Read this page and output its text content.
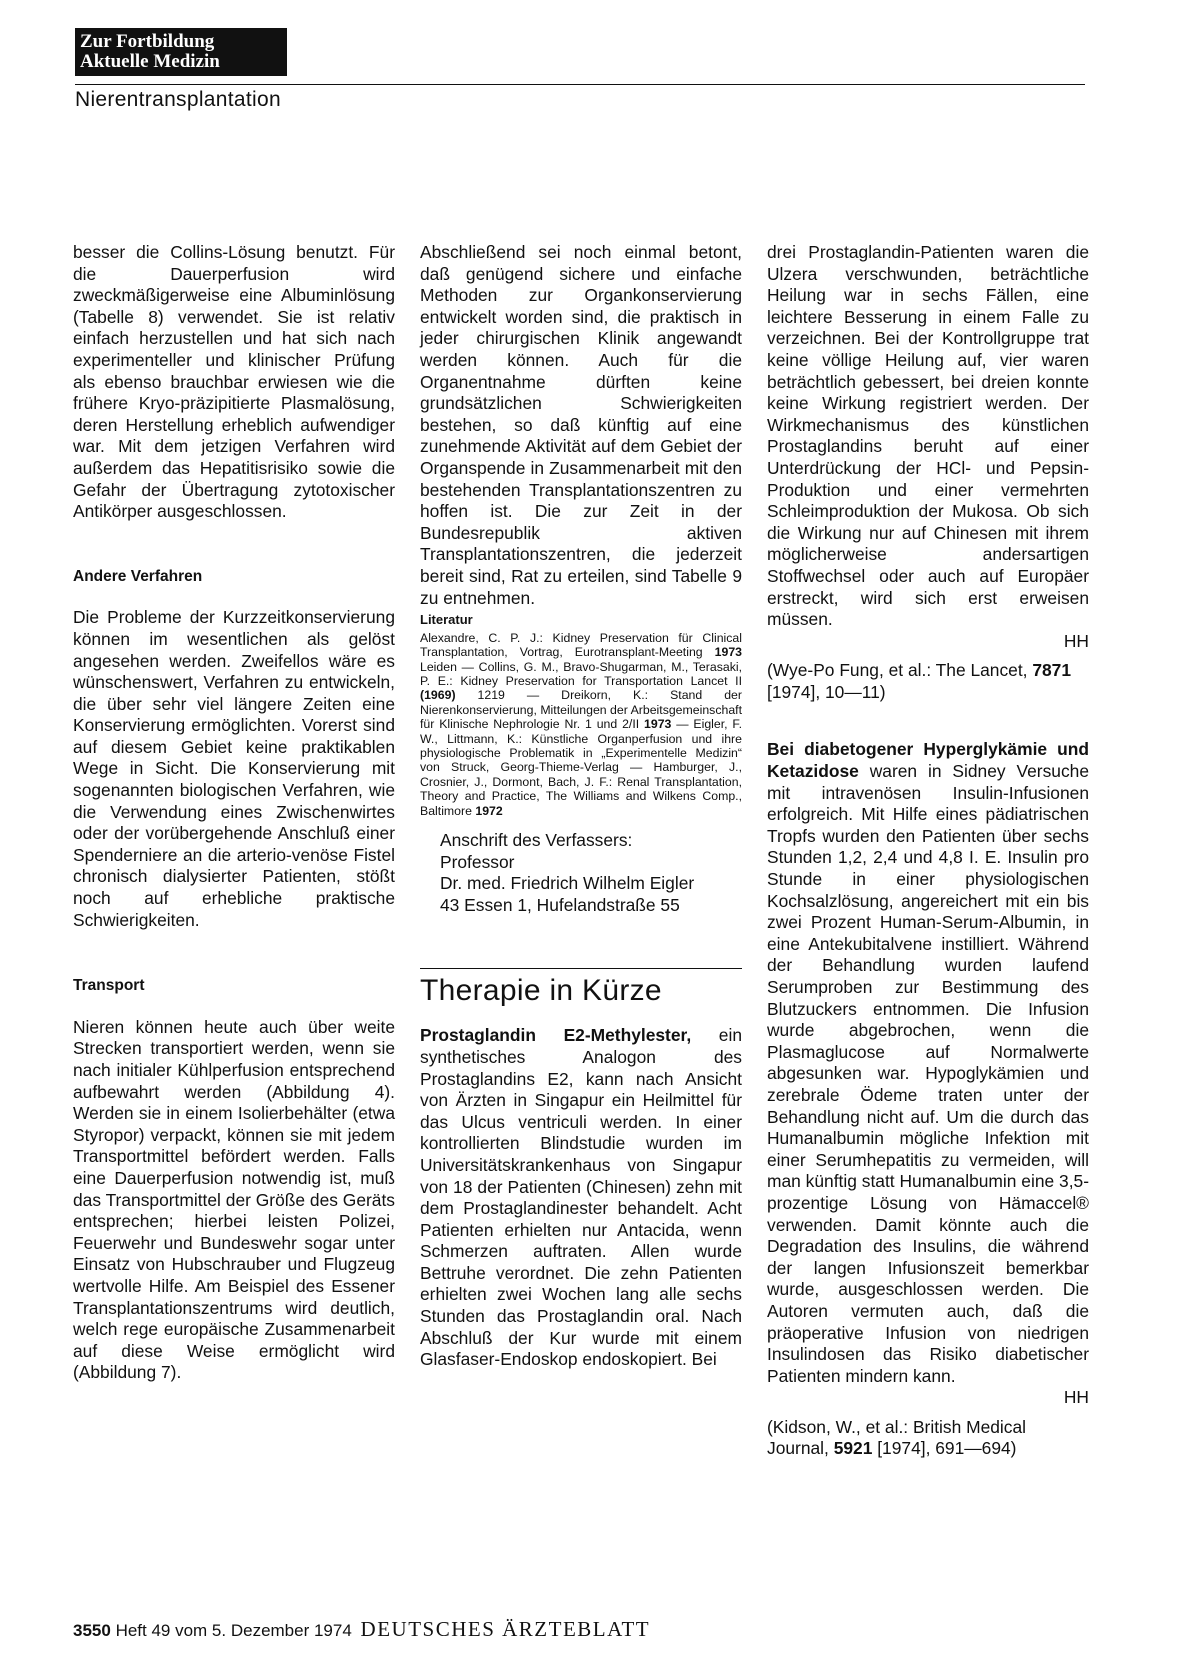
Zur Fortbildung
Aktuelle Medizin
Nierentransplantation

besser die Collins-Lösung benutzt. Für die Dauerperfusion wird zweckmäßigerweise eine Albuminlösung (Tabelle 8) verwendet. Sie ist relativ einfach herzustellen und hat sich nach experimenteller und klinischer Prüfung als ebenso brauchbar erwiesen wie die frühere Kryo-präzipitierte Plasmalösung, deren Herstellung erheblich aufwendiger war. Mit dem jetzigen Verfahren wird außerdem das Hepatitisrisiko sowie die Gefahr der Übertragung zytotoxischer Antikörper ausgeschlossen.

Andere Verfahren

Die Probleme der Kurzzeitkonservierung können im wesentlichen als gelöst angesehen werden. Zweifellos wäre es wünschenswert, Verfahren zu entwickeln, die über sehr viel längere Zeiten eine Konservierung ermöglichten. Vorerst sind auf diesem Gebiet keine praktikablen Wege in Sicht. Die Konservierung mit sogenannten biologischen Verfahren, wie die Verwendung eines Zwischenwirtes oder der vorübergehende Anschluß einer Spenderniere an die arterio-venöse Fistel chronisch dialysierter Patienten, stößt noch auf erhebliche praktische Schwierigkeiten.

Transport

Nieren können heute auch über weite Strecken transportiert werden, wenn sie nach initialer Kühlperfusion entsprechend aufbewahrt werden (Abbildung 4). Werden sie in einem Isolierbehälter (etwa Styropor) verpackt, können sie mit jedem Transportmittel befördert werden. Falls eine Dauerperfusion notwendig ist, muß das Transportmittel der Größe des Geräts entsprechen; hierbei leisten Polizei, Feuerwehr und Bundeswehr sogar unter Einsatz von Hubschrauber und Flugzeug wertvolle Hilfe. Am Beispiel des Essener Transplantationszentrums wird deutlich, welch rege europäische Zusammenarbeit auf diese Weise ermöglicht wird (Abbildung 7).

Abschließend sei noch einmal betont, daß genügend sichere und einfache Methoden zur Organkonservierung entwickelt worden sind, die praktisch in jeder chirurgischen Klinik angewandt werden können. Auch für die Organentnahme dürften keine grundsätzlichen Schwierigkeiten bestehen, so daß künftig auf eine zunehmende Aktivität auf dem Gebiet der Organspende in Zusammenarbeit mit den bestehenden Transplantationszentren zu hoffen ist. Die zur Zeit in der Bundesrepublik aktiven Transplantationszentren, die jederzeit bereit sind, Rat zu erteilen, sind Tabelle 9 zu entnehmen.

Literatur

Alexandre, C. P. J.: Kidney Preservation für Clinical Transplantation, Vortrag, Eurotransplant-Meeting 1973 Leiden — Collins, G. M., Bravo-Shugarman, M., Terasaki, P. E.: Kidney Preservation for Transportation Lancet II (1969) 1219 — Dreikorn, K.: Stand der Nierenkonservierung, Mitteilungen der Arbeitsgemeinschaft für Klinische Nephrologie Nr. 1 und 2/II 1973 — Eigler, F. W., Littmann, K.: Künstliche Organperfusion und ihre physiologische Problematik in „Experimentelle Medizin“ von Struck, Georg-Thieme-Verlag — Hamburger, J., Crosnier, J., Dormont, Bach, J. F.: Renal Transplantation, Theory and Practice, The Williams and Wilkens Comp., Baltimore 1972

Anschrift des Verfassers:
Professor
Dr. med. Friedrich Wilhelm Eigler
43 Essen 1, Hufelandstraße 55
Therapie in Kürze

Prostaglandin E2-Methylester, ein synthetisches Analogon des Prostaglandins E2, kann nach Ansicht von Ärzten in Singapur ein Heilmittel für das Ulcus ventriculi werden. In einer kontrollierten Blindstudie wurden im Universitätskrankenhaus von Singapur von 18 der Patienten (Chinesen) zehn mit dem Prostaglandinester behandelt. Acht Patienten erhielten nur Antacida, wenn Schmerzen auftraten. Allen wurde Bettruhe verordnet. Die zehn Patienten erhielten zwei Wochen lang alle sechs Stunden das Prostaglandin oral. Nach Abschluß der Kur wurde mit einem Glasfaser-Endoskop endoskopiert. Bei

drei Prostaglandin-Patienten waren die Ulzera verschwunden, beträchtliche Heilung war in sechs Fällen, eine leichtere Besserung in einem Falle zu verzeichnen. Bei der Kontrollgruppe trat keine völlige Heilung auf, vier waren beträchtlich gebessert, bei dreien konnte keine Wirkung registriert werden. Der Wirkmechanismus des künstlichen Prostaglandins beruht auf einer Unterdrückung der HCl- und Pepsin-Produktion und einer vermehrten Schleimproduktion der Mukosa. Ob sich die Wirkung nur auf Chinesen mit ihrem möglicherweise andersartigen Stoffwechsel oder auch auf Europäer erstreckt, wird sich erst erweisen müssen.

HH

(Wye-Po Fung, et al.: The Lancet, 7871 [1974], 10—11)

Bei diabetogener Hyperglykämie und Ketazidose waren in Sidney Versuche mit intravenösen Insulin-Infusionen erfolgreich. Mit Hilfe eines pädiatrischen Tropfs wurden den Patienten über sechs Stunden 1,2, 2,4 und 4,8 I. E. Insulin pro Stunde in einer physiologischen Kochsalzlösung, angereichert mit ein bis zwei Prozent Human-Serum-Albumin, in eine Antekubitalvene instilliert. Während der Behandlung wurden laufend Serumproben zur Bestimmung des Blutzuckers entnommen. Die Infusion wurde abgebrochen, wenn die Plasmaglucose auf Normalwerte abgesunken war. Hypoglykämien und zerebrale Ödeme traten unter der Behandlung nicht auf. Um die durch das Humanalbumin mögliche Infektion mit einer Serumhepatitis zu vermeiden, will man künftig statt Humanalbumin eine 3,5-prozentige Lösung von Hämaccel® verwenden. Damit könnte auch die Degradation des Insulins, die während der langen Infusionszeit bemerkbar wurde, ausgeschlossen werden. Die Autoren vermuten auch, daß die präoperative Infusion von niedrigen Insulindosen das Risiko diabetischer Patienten mindern kann.

HH

(Kidson, W., et al.: British Medical Journal, 5921 [1974], 691—694)

3550 Heft 49 vom 5. Dezember 1974 DEUTSCHES ÄRZTEBLATT
